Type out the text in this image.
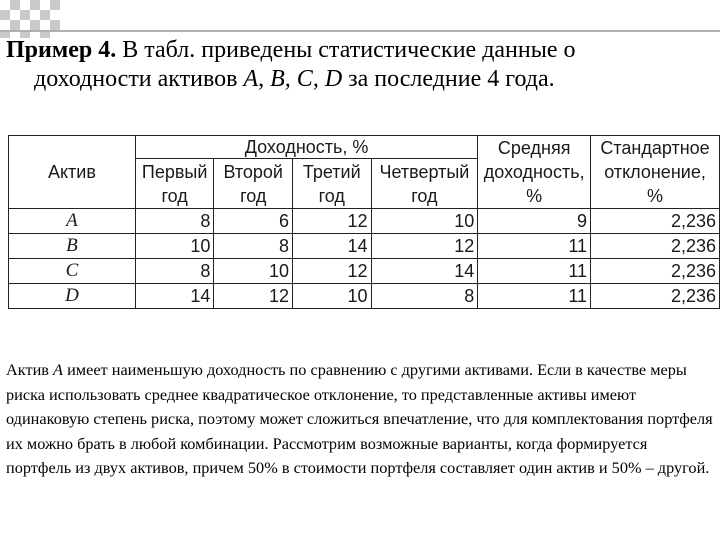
Пример 4. В табл. приведены статистические данные о
доходности активов A, B, C, D за последние 4 года.
Актив	Доходность, %				Средняя доходность, %	Стандартное отклонение, %
	Первый год	Второй год	Третий год	Четвертый год		
A	8	6	12	10	9	2,236
B	10	8	14	12	11	2,236
C	8	10	12	14	11	2,236
D	14	12	10	8	11	2,236
Актив A имеет наименьшую доходность по сравнению с другими активами. Если в качестве меры риска использовать среднее квадратическое отклонение, то представленные активы имеют одинаковую степень риска, поэтому может сложиться впечатление, что для комплектования портфеля их можно брать в любой комбинации. Рассмотрим возможные варианты, когда формируется портфель из двух активов, причем 50% в стоимости портфеля составляет один актив и 50% – другой.
